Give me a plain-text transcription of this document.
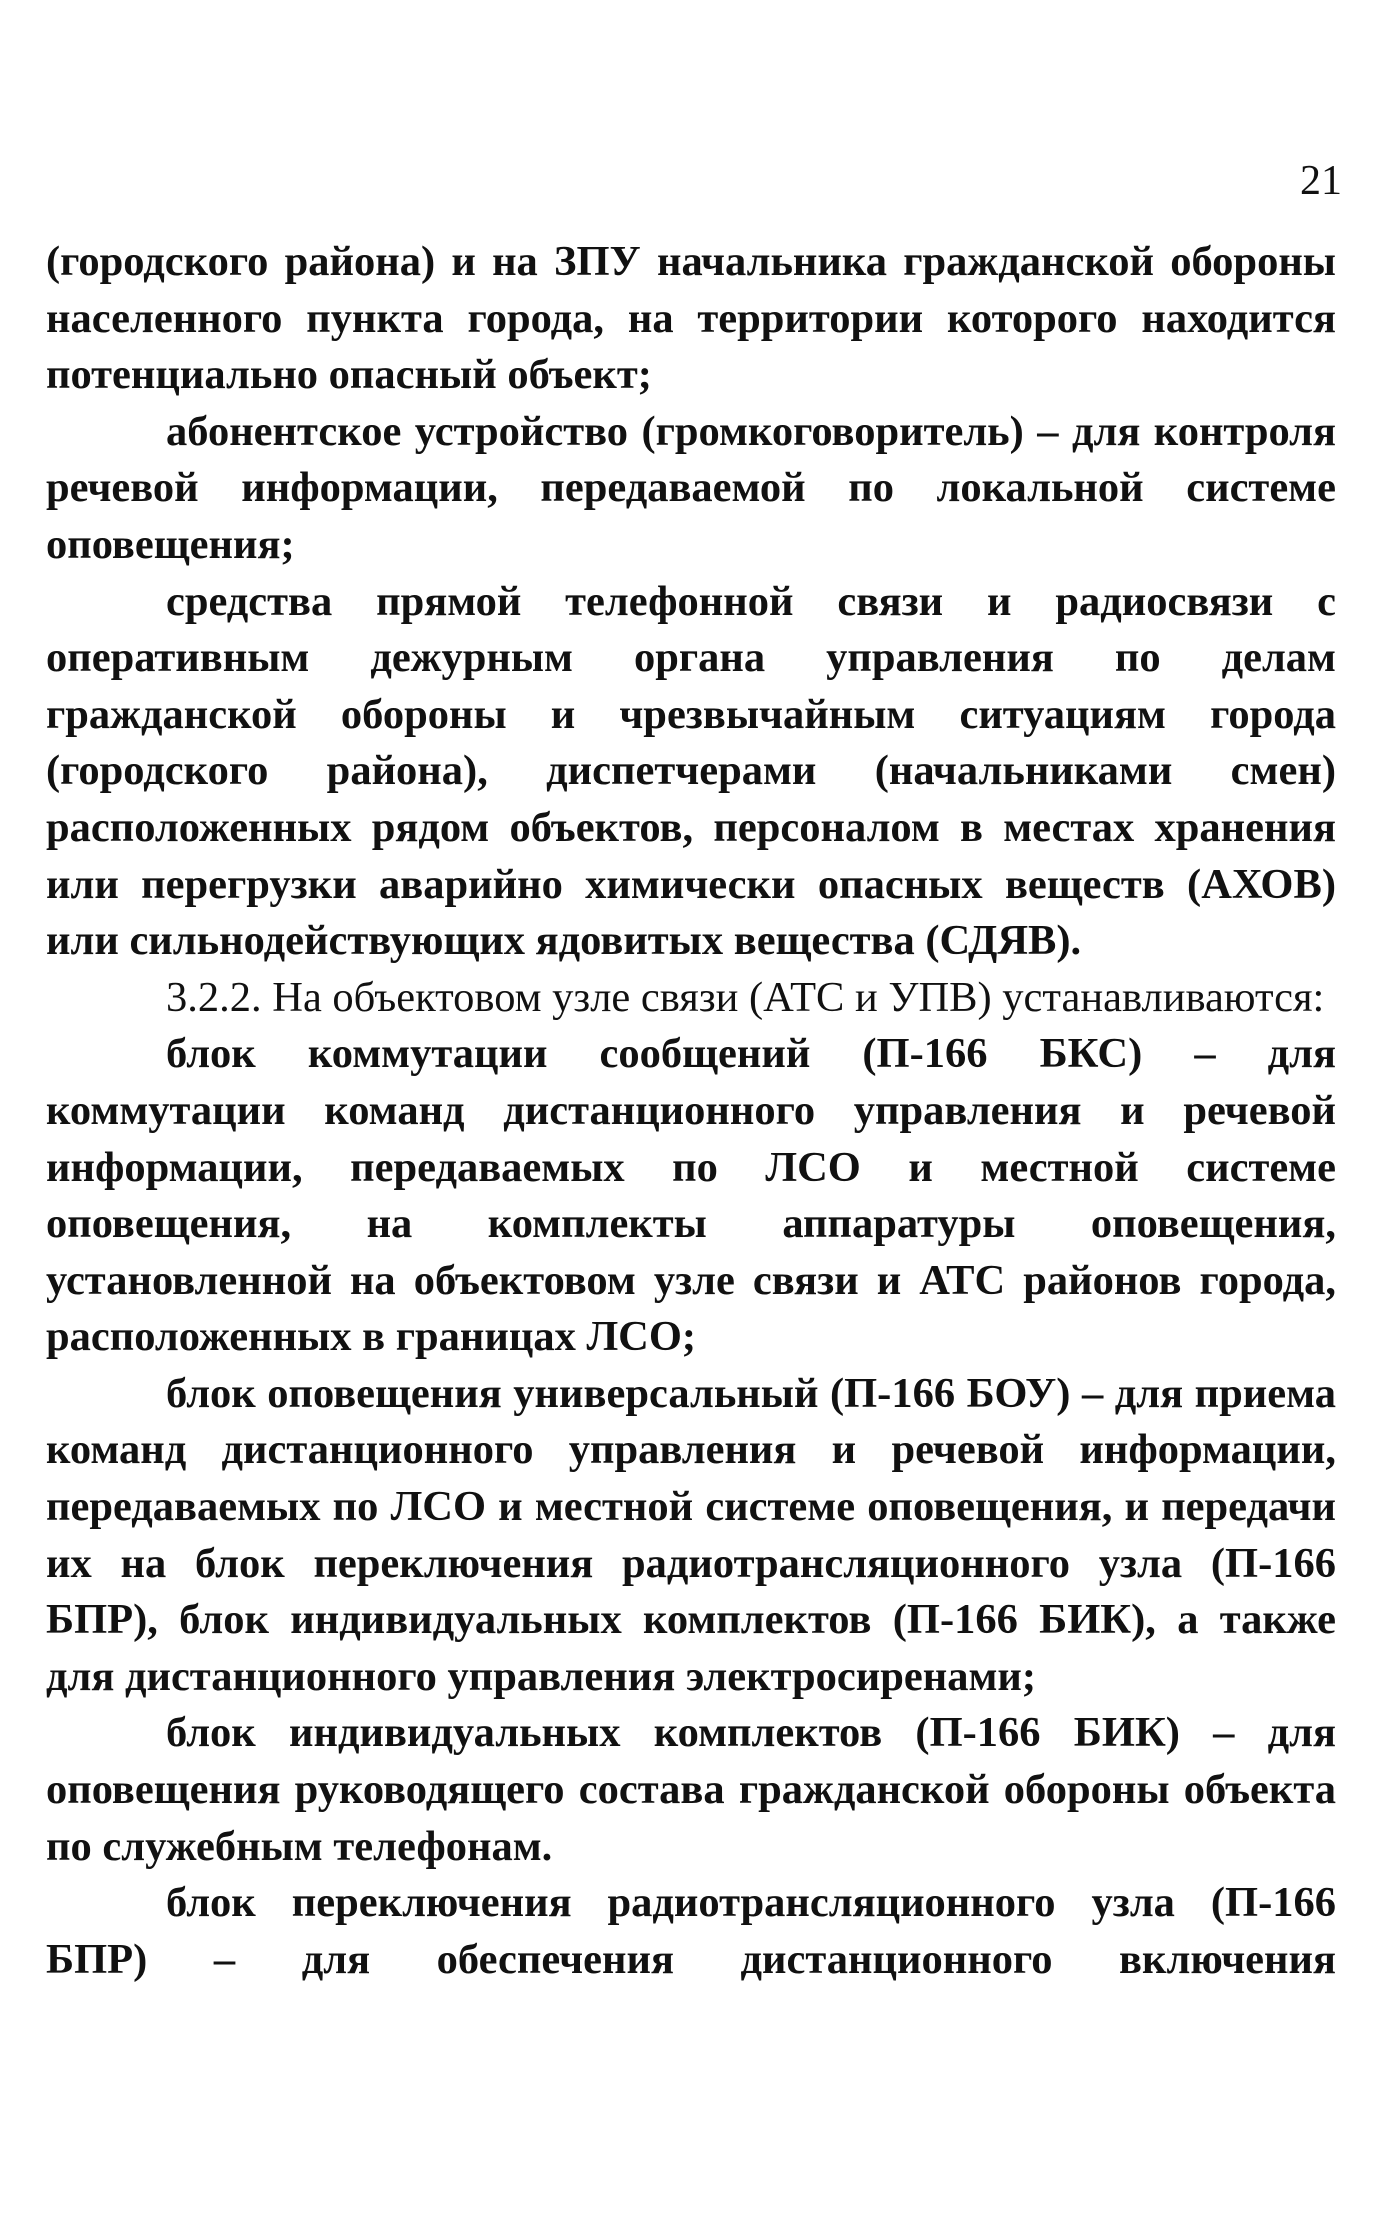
21

(городского района) и на ЗПУ начальника гражданской обороны населенного пункта города, на территории которого находится потенциально опасный объект;

абонентское устройство (громкоговоритель) – для контроля речевой информации, передаваемой по локальной системе оповещения;

средства прямой телефонной связи и радиосвязи с оперативным дежурным органа управления по делам гражданской обороны и чрезвычайным ситуациям города (городского района), диспетчерами (начальниками смен) расположенных рядом объектов, персоналом в местах хранения или перегрузки аварийно химически опасных веществ (АХОВ) или сильнодействующих ядовитых вещества (СДЯВ).

3.2.2. На объектовом узле связи (АТС и УПВ) устанавливаются:

блок коммутации сообщений (П-166 БКС) – для коммутации команд дистанционного управления и речевой информации, передаваемых по ЛСО и местной системе оповещения, на комплекты аппаратуры оповещения, установленной на объектовом узле связи и АТС районов города, расположенных в границах ЛСО;

блок оповещения универсальный (П-166 БОУ) – для приема команд дистанционного управления и речевой информации, передаваемых по ЛСО и местной системе оповещения, и передачи их на блок переключения радиотрансляционного узла (П-166 БПР), блок индивидуальных комплектов (П-166 БИК), а также для дистанционного управления электросиренами;

блок индивидуальных комплектов (П-166 БИК) – для оповещения руководящего состава гражданской обороны объекта по служебным телефонам.

блок переключения радиотрансляционного узла (П-166 БПР) – для обеспечения дистанционного включения
